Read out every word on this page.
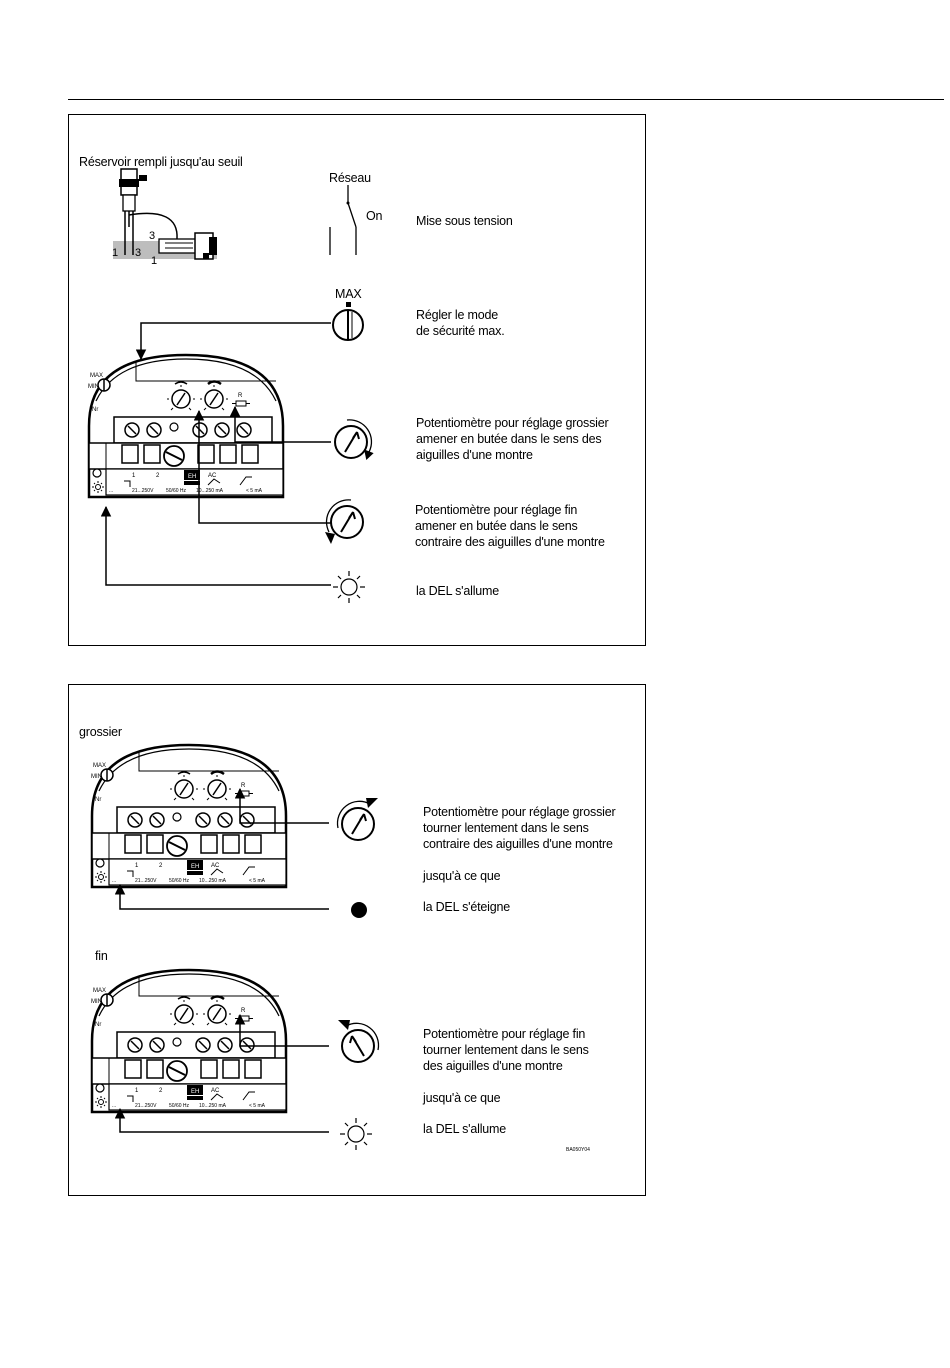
Réservoir rempli jusqu'au seuil
1 3
3
1
Réseau
On
MAX
Mise sous tension
Régler le mode
de sécurité max.
Potentiomètre pour réglage grossier
amener en butée dans le sens des
aiguilles d'une montre
Potentiomètre pour réglage fin
amener en butée dans le sens
contraire des aiguilles d'une montre
la DEL s'allume
grossier
Potentiomètre pour réglage grossier
tourner lentement dans le sens
contraire des aiguilles d'une montre
jusqu'à ce que
la DEL s'éteigne
fin
Potentiomètre pour réglage fin
tourner lentement dans le sens
des aiguilles d'une montre
jusqu'à ce que
la DEL s'allume
BA050Y04
